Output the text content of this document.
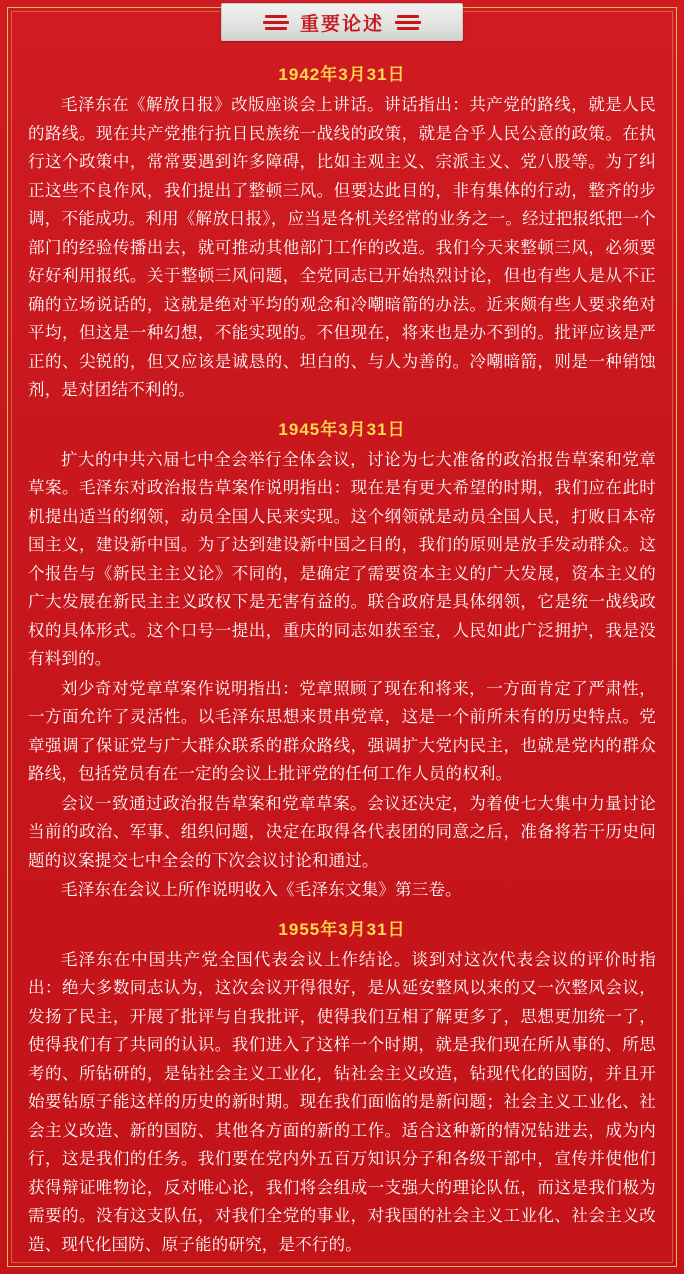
重要论述
1942年3月31日

毛泽东在《解放日报》改版座谈会上讲话。讲话指出：共产党的路线，就是人民的路线。现在共产党推行抗日民族统一战线的政策，就是合乎人民公意的政策。在执行这个政策中，常常要遇到许多障碍，比如主观主义、宗派主义、党八股等。为了纠正这些不良作风，我们提出了整顿三风。但要达此目的，非有集体的行动，整齐的步调，不能成功。利用《解放日报》，应当是各机关经常的业务之一。经过把报纸把一个部门的经验传播出去，就可推动其他部门工作的改造。我们今天来整顿三风，必须要好好利用报纸。关于整顿三风问题，全党同志已开始热烈讨论，但也有些人是从不正确的立场说话的，这就是绝对平均的观念和冷嘲暗箭的办法。近来颇有些人要求绝对平均，但这是一种幻想，不能实现的。不但现在，将来也是办不到的。批评应该是严正的、尖锐的，但又应该是诚恳的、坦白的、与人为善的。冷嘲暗箭，则是一种销蚀剂，是对团结不利的。

1945年3月31日

扩大的中共六届七中全会举行全体会议，讨论为七大准备的政治报告草案和党章草案。毛泽东对政治报告草案作说明指出：现在是有更大希望的时期，我们应在此时机提出适当的纲领，动员全国人民来实现。这个纲领就是动员全国人民，打败日本帝国主义，建设新中国。为了达到建设新中国之目的，我们的原则是放手发动群众。这个报告与《新民主主义论》不同的，是确定了需要资本主义的广大发展，资本主义的广大发展在新民主主义政权下是无害有益的。联合政府是具体纲领，它是统一战线政权的具体形式。这个口号一提出，重庆的同志如获至宝，人民如此广泛拥护，我是没有料到的。

刘少奇对党章草案作说明指出：党章照顾了现在和将来，一方面肯定了严肃性，一方面允许了灵活性。以毛泽东思想来贯串党章，这是一个前所未有的历史特点。党章强调了保证党与广大群众联系的群众路线，强调扩大党内民主，也就是党内的群众路线，包括党员有在一定的会议上批评党的任何工作人员的权利。

会议一致通过政治报告草案和党章草案。会议还决定，为着使七大集中力量讨论当前的政治、军事、组织问题，决定在取得各代表团的同意之后，准备将若干历史问题的议案提交七中全会的下次会议讨论和通过。

毛泽东在会议上所作说明收入《毛泽东文集》第三卷。

1955年3月31日

毛泽东在中国共产党全国代表会议上作结论。谈到对这次代表会议的评价时指出：绝大多数同志认为，这次会议开得很好，是从延安整风以来的又一次整风会议，发扬了民主，开展了批评与自我批评，使得我们互相了解更多了，思想更加统一了，使得我们有了共同的认识。我们进入了这样一个时期，就是我们现在所从事的、所思考的、所钻研的，是钻社会主义工业化，钻社会主义改造，钻现代化的国防，并且开始要钻原子能这样的历史的新时期。现在我们面临的是新问题；社会主义工业化、社会主义改造、新的国防、其他各方面的新的工作。适合这种新的情况钻进去，成为内行，这是我们的任务。我们要在党内外五百万知识分子和各级干部中，宣传并使他们获得辩证唯物论，反对唯心论，我们将会组成一支强大的理论队伍，而这是我们极为需要的。没有这支队伍，对我们全党的事业，对我国的社会主义工业化、社会主义改造、现代化国防、原子能的研究，是不行的。
